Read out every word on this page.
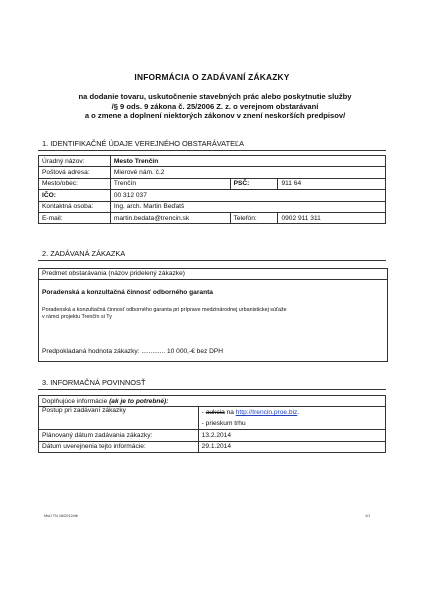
INFORMÁCIA O ZADÁVANÍ ZÁKAZKY
na dodanie tovaru, uskutočnenie stavebných prác alebo poskytnutie služby
/§ 9 ods. 9 zákona č. 25/2006 Z. z. o verejnom obstarávaní
a o zmene a doplnení niektorých zákonov v znení neskorších predpisov/
1. IDENTIFIKAČNÉ ÚDAJE VEREJNÉHO OBSTARÁVATEĽA
Úradný názov:	Mesto Trenčín		
Poštová adresa:	Mierové nám. č.2		
Mesto/obec:	Trenčín	PSČ:	911 64
IČO:	00 312 037		
Kontaktná osoba:	Ing. arch. Martin Beďatš		
E-mail:	martin.bedata@trencin.sk	Telefón:	0902 911 311
2. ZADÁVANÁ ZÁKAZKA
Predmet obstarávania (názov pridelený zákazke)
Poradenská a konzultačná činnosť odborného garanta
Poradenská a konzultačná činnosť odborného garanta pri príprave medzinárodnej urbanistickej súťaže
v rámci projektu Trenčín si Ty
Predpokladaná hodnota zákazky: ............. 10 000,-€ bez DPH
3. INFORMAČNÁ POVINNOSŤ
Doplňujúce informácie (ak je to potrebné):	
Postup pri zadávaní zákazky	- aukcia na http://trencin.proe.biz.
- prieskum trhu

Plánovaný dátum zadávania zákazky:	13.2.2014
Dátum uverejnenia tejto informácie:	29.1.2014
MsÚ TN 18/2012/db	1/1
